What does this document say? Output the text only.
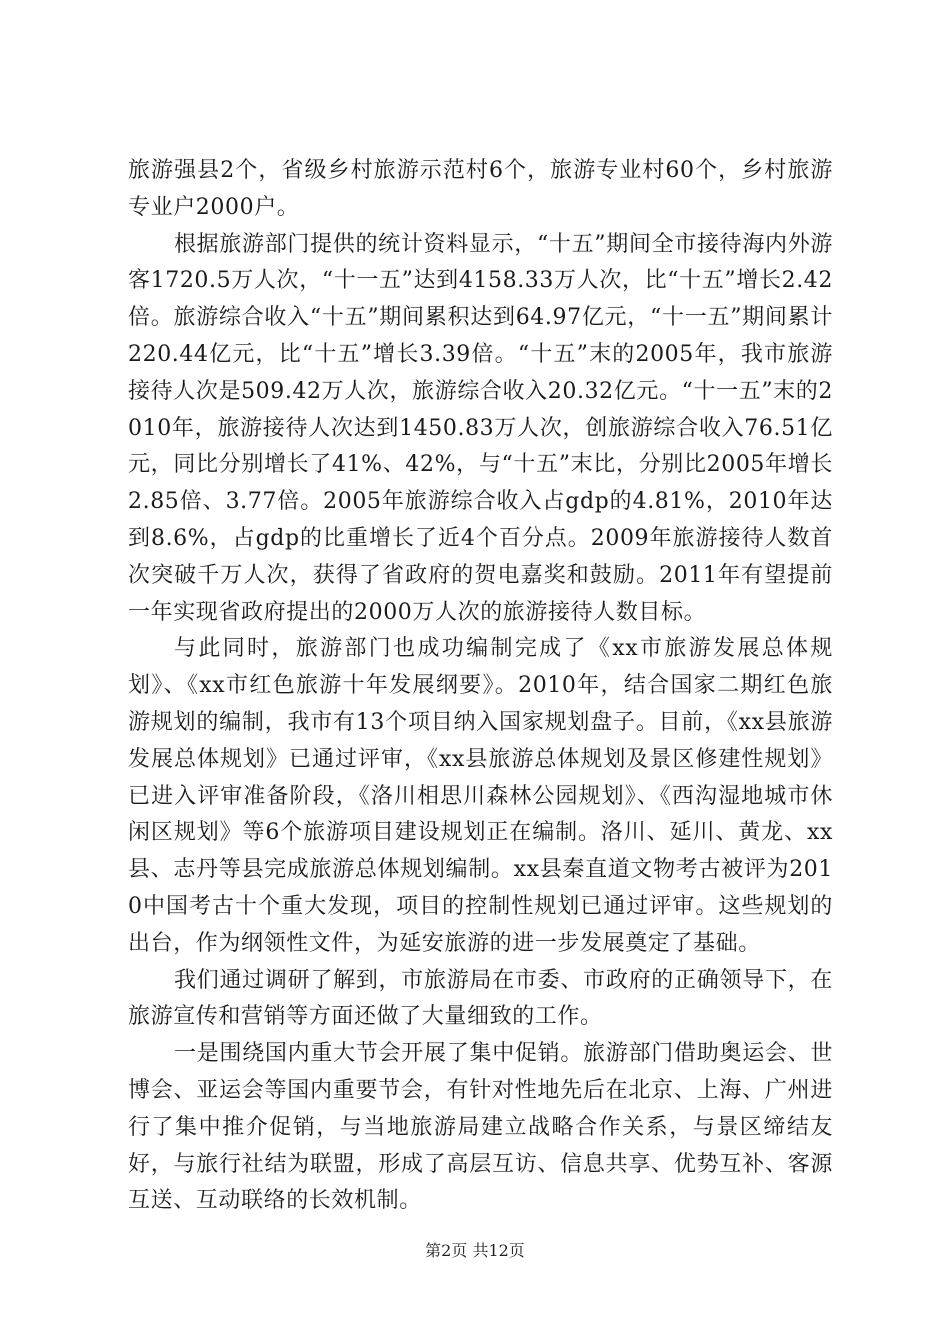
旅游强县2个，省级乡村旅游示范村6个，旅游专业村60个，乡村旅游专业户2000户。

根据旅游部门提供的统计资料显示，“十五”期间全市接待海内外游客1720.5万人次，“十一五”达到4158.33万人次，比“十五”增长2.42倍。旅游综合收入“十五”期间累积达到64.97亿元，“十一五”期间累计220.44亿元，比“十五”增长3.39倍。“十五”末的2005年，我市旅游接待人次是509.42万人次，旅游综合收入20.32亿元。“十一五”末的2010年，旅游接待人次达到1450.83万人次，创旅游综合收入76.51亿元，同比分别增长了41%、42%，与“十五”末比，分别比2005年增长2.85倍、3.77倍。2005年旅游综合收入占gdp的4.81%，2010年达到8.6%，占gdp的比重增长了近4个百分点。2009年旅游接待人数首次突破千万人次，获得了省政府的贺电嘉奖和鼓励。2011年有望提前一年实现省政府提出的2000万人次的旅游接待人数目标。

与此同时，旅游部门也成功编制完成了《xx市旅游发展总体规划》、《xx市红色旅游十年发展纲要》。2010年，结合国家二期红色旅游规划的编制，我市有13个项目纳入国家规划盘子。目前，《xx县旅游发展总体规划》已通过评审，《xx县旅游总体规划及景区修建性规划》已进入评审准备阶段，《洛川相思川森林公园规划》、《西沟湿地城市休闲区规划》等6个旅游项目建设规划正在编制。洛川、延川、黄龙、xx县、志丹等县完成旅游总体规划编制。xx县秦直道文物考古被评为2010中国考古十个重大发现，项目的控制性规划已通过评审。这些规划的出台，作为纲领性文件，为延安旅游的进一步发展奠定了基础。

我们通过调研了解到，市旅游局在市委、市政府的正确领导下，在旅游宣传和营销等方面还做了大量细致的工作。

一是围绕国内重大节会开展了集中促销。旅游部门借助奥运会、世博会、亚运会等国内重要节会，有针对性地先后在北京、上海、广州进行了集中推介促销，与当地旅游局建立战略合作关系，与景区缔结友好，与旅行社结为联盟，形成了高层互访、信息共享、优势互补、客源互送、互动联络的长效机制。

第2页 共12页
